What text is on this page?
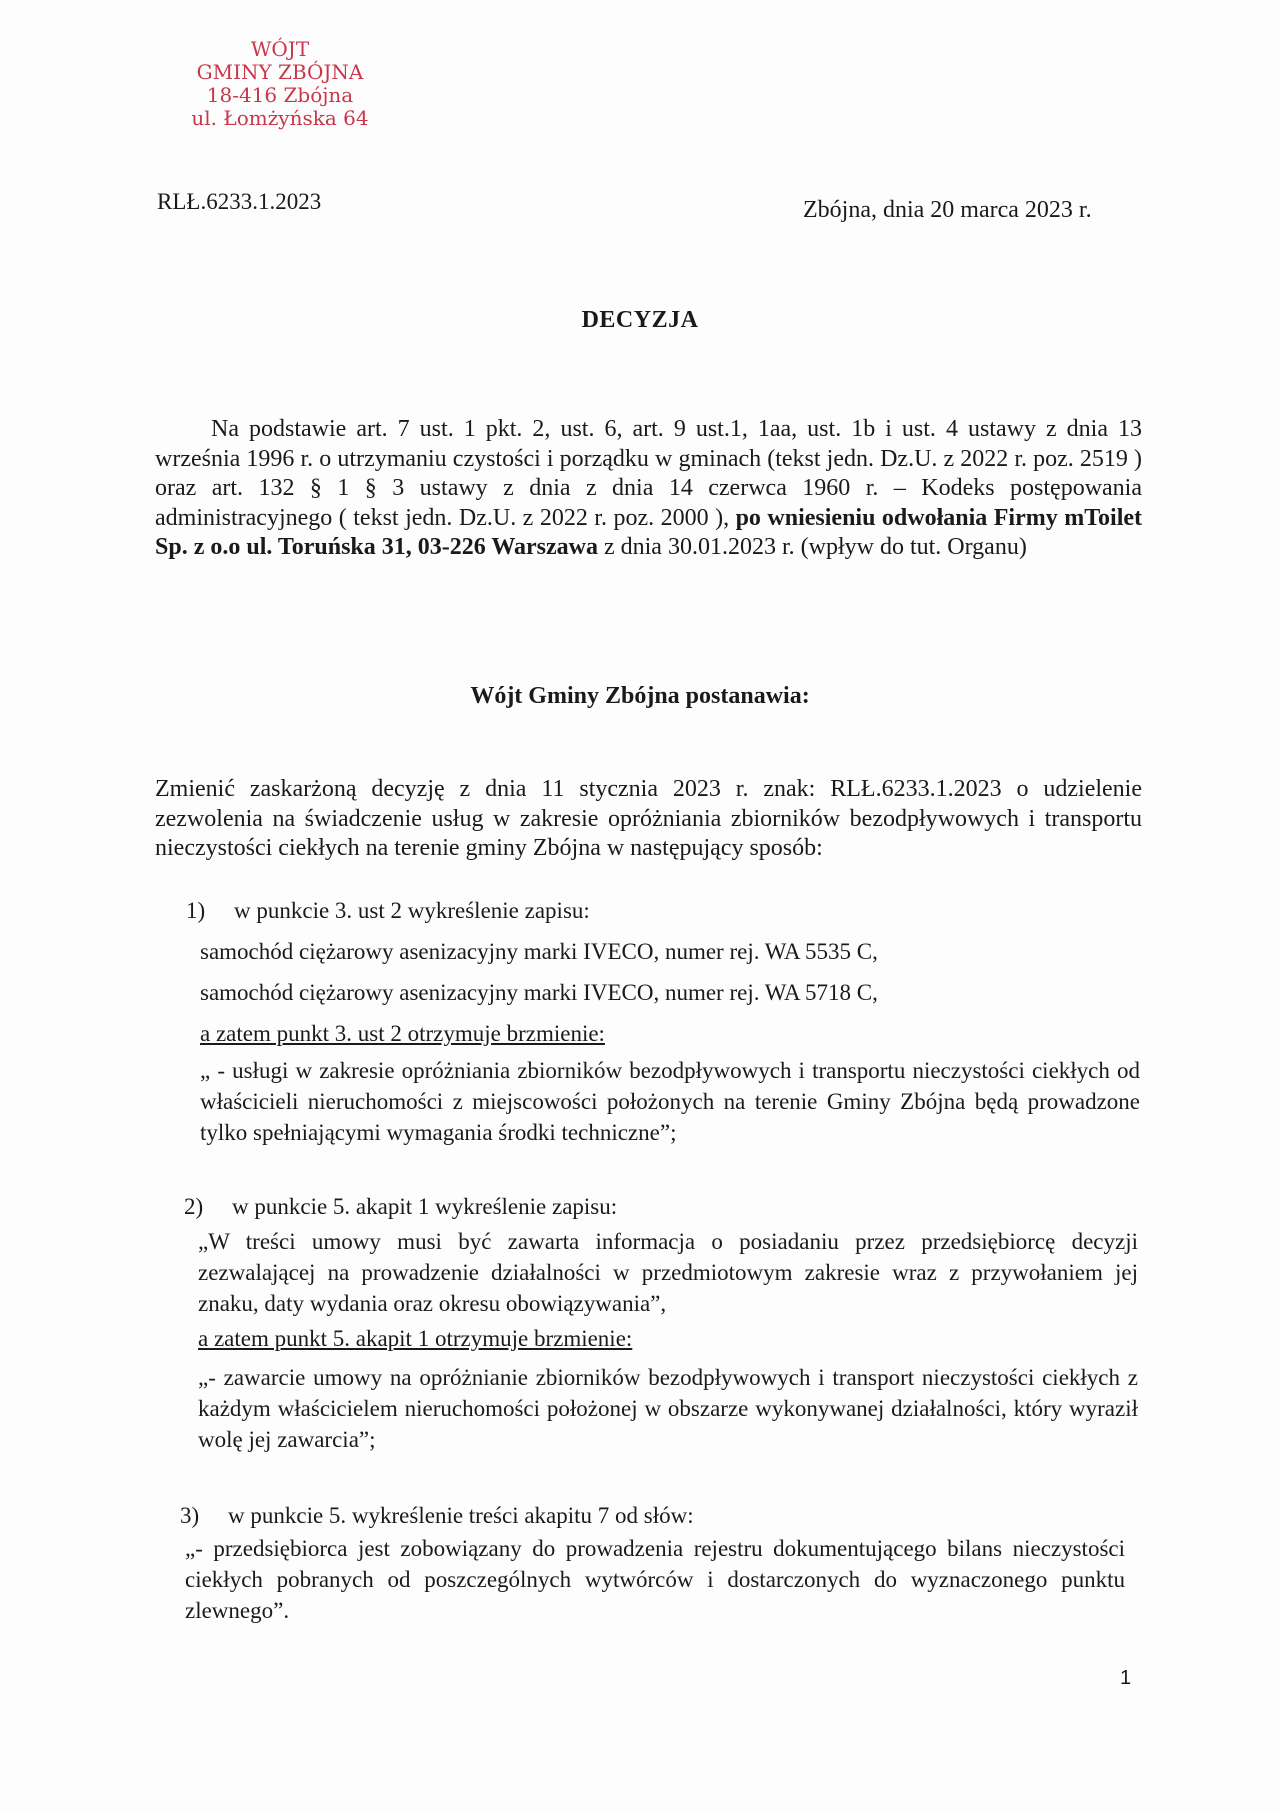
WÓJT
GMINY ZBÓJNA
18-416 Zbójna
ul. Łomżyńska 64
RLŁ.6233.1.2023	Zbójna, dnia 20 marca 2023 r.
DECYZJA
Na podstawie art. 7 ust. 1 pkt. 2, ust. 6, art. 9 ust.1, 1aa, ust. 1b i ust. 4 ustawy z dnia 13 września 1996 r. o utrzymaniu czystości i porządku w gminach (tekst jedn. Dz.U. z 2022 r. poz. 2519 ) oraz art. 132 § 1 § 3 ustawy z dnia z dnia 14 czerwca 1960 r. – Kodeks postępowania administracyjnego ( tekst jedn. Dz.U. z 2022 r. poz. 2000 ), po wniesieniu odwołania Firmy mToilet Sp. z o.o ul. Toruńska 31, 03-226 Warszawa z dnia 30.01.2023 r. (wpływ do tut. Organu)
Wójt Gminy Zbójna postanawia:
Zmienić zaskarżoną decyzję z dnia 11 stycznia 2023 r. znak: RLŁ.6233.1.2023 o udzielenie zezwolenia na świadczenie usług w zakresie opróżniania zbiorników bezodpływowych i transportu nieczystości ciekłych na terenie gminy Zbójna w następujący sposób:
1) w punkcie 3. ust 2 wykreślenie zapisu:
samochód ciężarowy asenizacyjny marki IVECO, numer rej. WA 5535 C,
samochód ciężarowy asenizacyjny marki IVECO, numer rej. WA 5718 C,
a zatem punkt 3. ust 2 otrzymuje brzmienie:
„ - usługi w zakresie opróżniania zbiorników bezodpływowych i transportu nieczystości ciekłych od właścicieli nieruchomości z miejscowości położonych na terenie Gminy Zbójna będą prowadzone tylko spełniającymi wymagania środki techniczne”;
2) w punkcie 5. akapit 1 wykreślenie zapisu:
„W treści umowy musi być zawarta informacja o posiadaniu przez przedsiębiorcę decyzji zezwalającej na prowadzenie działalności w przedmiotowym zakresie wraz z przywołaniem jej znaku, daty wydania oraz okresu obowiązywania”,
a zatem punkt 5. akapit 1 otrzymuje brzmienie:
„- zawarcie umowy na opróżnianie zbiorników bezodpływowych i transport nieczystości ciekłych z każdym właścicielem nieruchomości położonej w obszarze wykonywanej działalności, który wyraził wolę jej zawarcia”;
3) w punkcie 5. wykreślenie treści akapitu 7 od słów:
„- przedsiębiorca jest zobowiązany do prowadzenia rejestru dokumentującego bilans nieczystości ciekłych pobranych od poszczególnych wytwórców i dostarczonych do wyznaczonego punktu zlewnego”.
1
